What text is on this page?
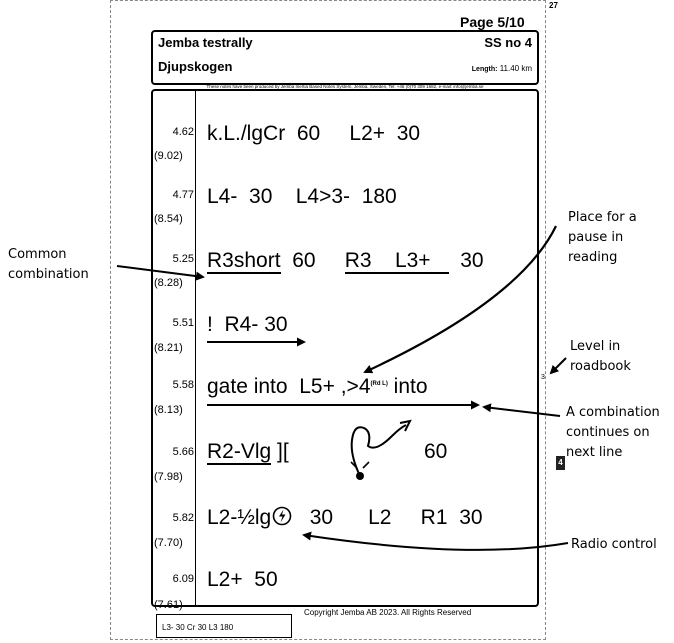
27
Page 5/10
Jemba testrally	SS no 4
Djupskogen	Length: 11.40 km
These notes have been produced by Jemba Inertia Based Notes System, Jemba, Sweden, Tel: +46 (0)70 309 1682, e-mail: info@jemba.se
4.62
(9.02)
k.L./lgCr 60 L2+ 30
4.77
(8.54)
L4- 30 L4>3- 180
5.25
(8.28)
R3short 60 R3 L3+ 30
5.51
(8.21)
! R4- 30
5.58
(8.13)
gate into $L5+ ,>4^{(Rd L)}$ into
5.66
(7.98)
R2-Vlg ][	60
5.82
(7.70)
L2-½lg 30 L2 R1 30
6.09
(7.61)
L2+ 50
Copyright Jemba AB 2023. All Rights Reserved
L3- 30 Cr 30 L3 180
Common
combination
Place for a
pause in
reading
Level in
roadbook
3
A combination
continues on
next line
Radio control
4
